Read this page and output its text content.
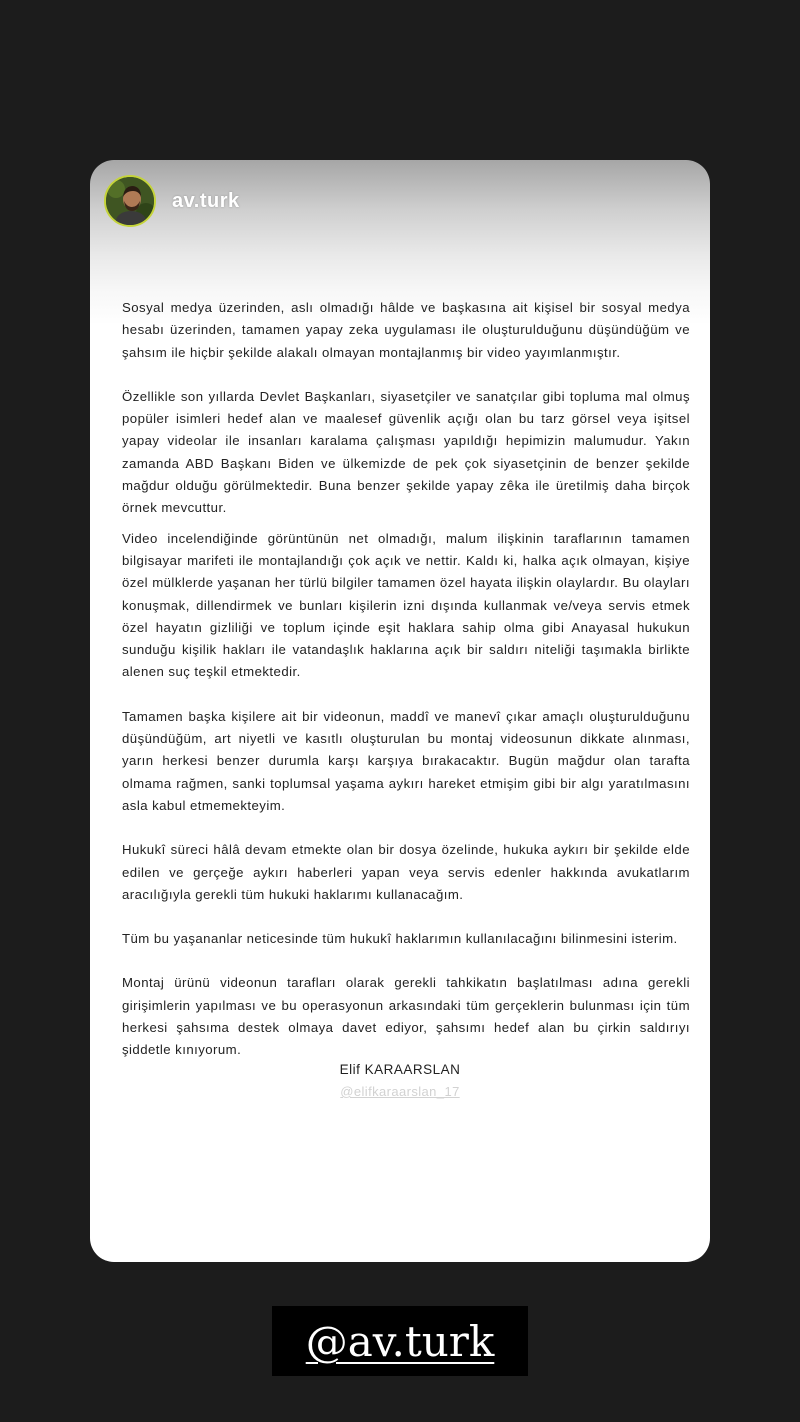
av.turk

Sosyal medya üzerinden, aslı olmadığı hâlde ve başkasına ait kişisel bir sosyal medya hesabı üzerinden, tamamen yapay zeka uygulaması ile oluşturulduğunu düşündüğüm ve şahsım ile hiçbir şekilde alakalı olmayan montajlanmış bir video yayımlanmıştır.

Özellikle son yıllarda Devlet Başkanları, siyasetçiler ve sanatçılar gibi topluma mal olmuş popüler isimleri hedef alan ve maalesef güvenlik açığı olan bu tarz görsel veya işitsel yapay videolar ile insanları karalama çalışması yapıldığı hepimizin malumudur. Yakın zamanda ABD Başkanı Biden ve ülkemizde de pek çok siyasetçinin de benzer şekilde mağdur olduğu görülmektedir. Buna benzer şekilde yapay zêka ile üretilmiş daha birçok örnek mevcuttur.

Video incelendiğinde görüntünün net olmadığı, malum ilişkinin taraflarının tamamen bilgisayar marifeti ile montajlandığı çok açık ve nettir. Kaldı ki, halka açık olmayan, kişiye özel mülklerde yaşanan her türlü bilgiler tamamen özel hayata ilişkin olaylardır. Bu olayları konuşmak, dillendirmek ve bunları kişilerin izni dışında kullanmak ve/veya servis etmek özel hayatın gizliliği ve toplum içinde eşit haklara sahip olma gibi Anayasal hukukun sunduğu kişilik hakları ile vatandaşlık haklarına açık bir saldırı niteliği taşımakla birlikte alenen suç teşkil etmektedir.

Tamamen başka kişilere ait bir videonun, maddî ve manevî çıkar amaçlı oluşturulduğunu düşündüğüm, art niyetli ve kasıtlı oluşturulan bu montaj videosunun dikkate alınması, yarın herkesi benzer durumla karşı karşıya bırakacaktır. Bugün mağdur olan tarafta olmama rağmen, sanki toplumsal yaşama aykırı hareket etmişim gibi bir algı yaratılmasını asla kabul etmemekteyim.

Hukukî süreci hâlâ devam etmekte olan bir dosya özelinde, hukuka aykırı bir şekilde elde edilen ve gerçeğe aykırı haberleri yapan veya servis edenler hakkında avukatlarım aracılığıyla gerekli tüm hukuki haklarımı kullanacağım.

Tüm bu yaşananlar neticesinde tüm hukukî haklarımın kullanılacağını bilinmesini isterim.

Montaj ürünü videonun tarafları olarak gerekli tahkikatın başlatılması adına gerekli girişimlerin yapılması ve bu operasyonun arkasındaki tüm gerçeklerin bulunması için tüm herkesi şahsıma destek olmaya davet ediyor, şahsımı hedef alan bu çirkin saldırıyı şiddetle kınıyorum.

Elif KARAARSLAN
@elifkaraarslan_17
@av.turk
